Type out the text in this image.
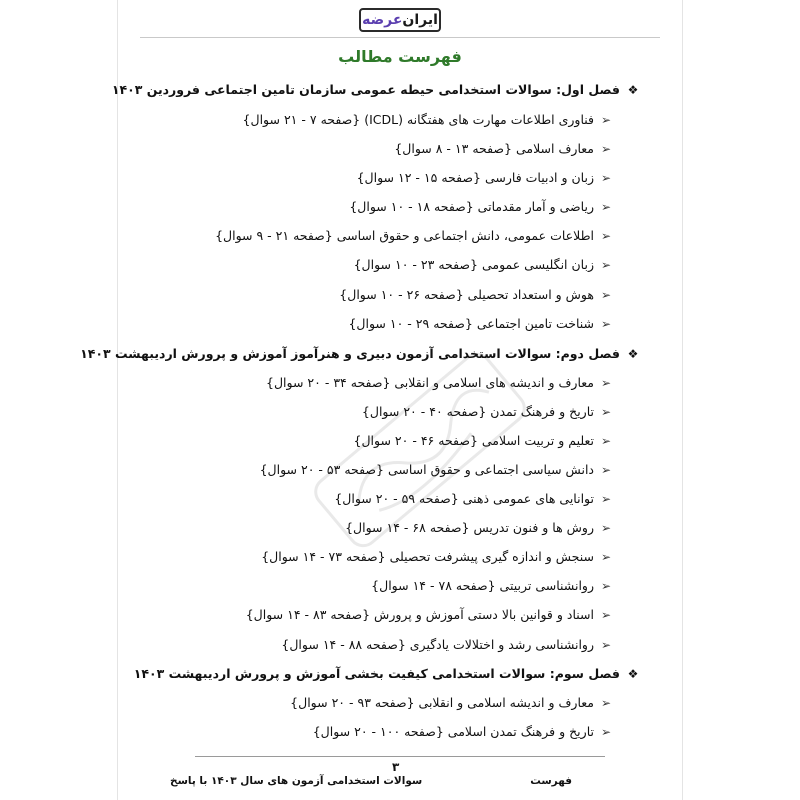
ایران
عرضه
فهرست مطالب
❖
فصل اول: سوالات استخدامی حیطه عمومی سازمان تامین اجتماعی فروردین ۱۴۰۳
➢
فناوری اطلاعات مهارت های هفتگانه (ICDL) {صفحه ۷ - ۲۱ سوال}
➢
معارف اسلامی {صفحه ۱۳ - ۸ سوال}
➢
زبان و ادبیات فارسی {صفحه ۱۵ - ۱۲ سوال}
➢
ریاضی و آمار مقدماتی {صفحه ۱۸ - ۱۰ سوال}
➢
اطلاعات عمومی، دانش اجتماعی و حقوق اساسی {صفحه ۲۱ - ۹ سوال}
➢
زبان انگلیسی عمومی {صفحه ۲۳ - ۱۰ سوال}
➢
هوش و استعداد تحصیلی {صفحه ۲۶ - ۱۰ سوال}
➢
شناخت تامین اجتماعی {صفحه ۲۹ - ۱۰ سوال}
❖
فصل دوم: سوالات استخدامی آزمون دبیری و هنرآموز آموزش و پرورش اردیبهشت ۱۴۰۳
➢
معارف و اندیشه های اسلامی و انقلابی {صفحه ۳۴ - ۲۰ سوال}
➢
تاریخ و فرهنگ تمدن {صفحه ۴۰ - ۲۰ سوال}
➢
تعلیم و تربیت اسلامی {صفحه ۴۶ - ۲۰ سوال}
➢
دانش سیاسی اجتماعی و حقوق اساسی {صفحه ۵۳ - ۲۰ سوال}
➢
توانایی های عمومی ذهنی {صفحه ۵۹ - ۲۰ سوال}
➢
روش ها و فنون تدریس {صفحه ۶۸ - ۱۴ سوال}
➢
سنجش و اندازه گیری پیشرفت تحصیلی {صفحه ۷۳ - ۱۴ سوال}
➢
روانشناسی تربیتی {صفحه ۷۸ - ۱۴ سوال}
➢
اسناد و قوانین بالا دستی آموزش و پرورش {صفحه ۸۳ - ۱۴ سوال}
➢
روانشناسی رشد و اختلالات یادگیری {صفحه ۸۸ - ۱۴ سوال}
❖
فصل سوم: سوالات استخدامی کیفیت بخشی آموزش و پرورش اردیبهشت ۱۴۰۳
➢
معارف و اندیشه اسلامی و انقلابی {صفحه ۹۳ - ۲۰ سوال}
➢
تاریخ و فرهنگ تمدن اسلامی {صفحه ۱۰۰ - ۲۰ سوال}
۳
فهرست
سوالات استخدامی آزمون های سال ۱۴۰۳ با پاسخ
